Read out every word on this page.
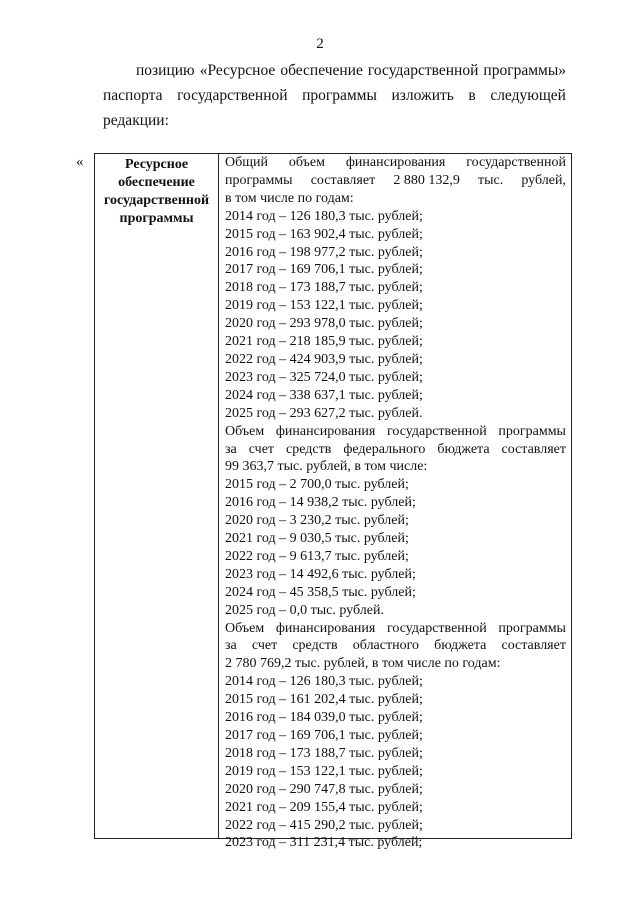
2
позицию «Ресурсное обеспечение государственной программы»
паспорта государственной программы изложить в следующей
редакции:
«	Ресурсное
обеспечение
государственной
программы
Общий объем финансирования государственной
программы составляет 2 880 132,9 тыс. рублей,
в том числе по годам:
2014 год – 126 180,3 тыс. рублей;
2015 год – 163 902,4 тыс. рублей;
2016 год – 198 977,2 тыс. рублей;
2017 год – 169 706,1 тыс. рублей;
2018 год – 173 188,7 тыс. рублей;
2019 год – 153 122,1 тыс. рублей;
2020 год – 293 978,0 тыс. рублей;
2021 год – 218 185,9 тыс. рублей;
2022 год – 424 903,9 тыс. рублей;
2023 год – 325 724,0 тыс. рублей;
2024 год – 338 637,1 тыс. рублей;
2025 год – 293 627,2 тыс. рублей.
Объем финансирования государственной программы
за счет средств федерального бюджета составляет
99 363,7 тыс. рублей, в том числе:
2015 год – 2 700,0 тыс. рублей;
2016 год – 14 938,2 тыс. рублей;
2020 год – 3 230,2 тыс. рублей;
2021 год – 9 030,5 тыс. рублей;
2022 год – 9 613,7 тыс. рублей;
2023 год – 14 492,6 тыс. рублей;
2024 год – 45 358,5 тыс. рублей;
2025 год – 0,0 тыс. рублей.
Объем финансирования государственной программы
за счет средств областного бюджета составляет
2 780 769,2 тыс. рублей, в том числе по годам:
2014 год – 126 180,3 тыс. рублей;
2015 год – 161 202,4 тыс. рублей;
2016 год – 184 039,0 тыс. рублей;
2017 год – 169 706,1 тыс. рублей;
2018 год – 173 188,7 тыс. рублей;
2019 год – 153 122,1 тыс. рублей;
2020 год – 290 747,8 тыс. рублей;
2021 год – 209 155,4 тыс. рублей;
2022 год – 415 290,2 тыс. рублей;
2023 год – 311 231,4 тыс. рублей;
